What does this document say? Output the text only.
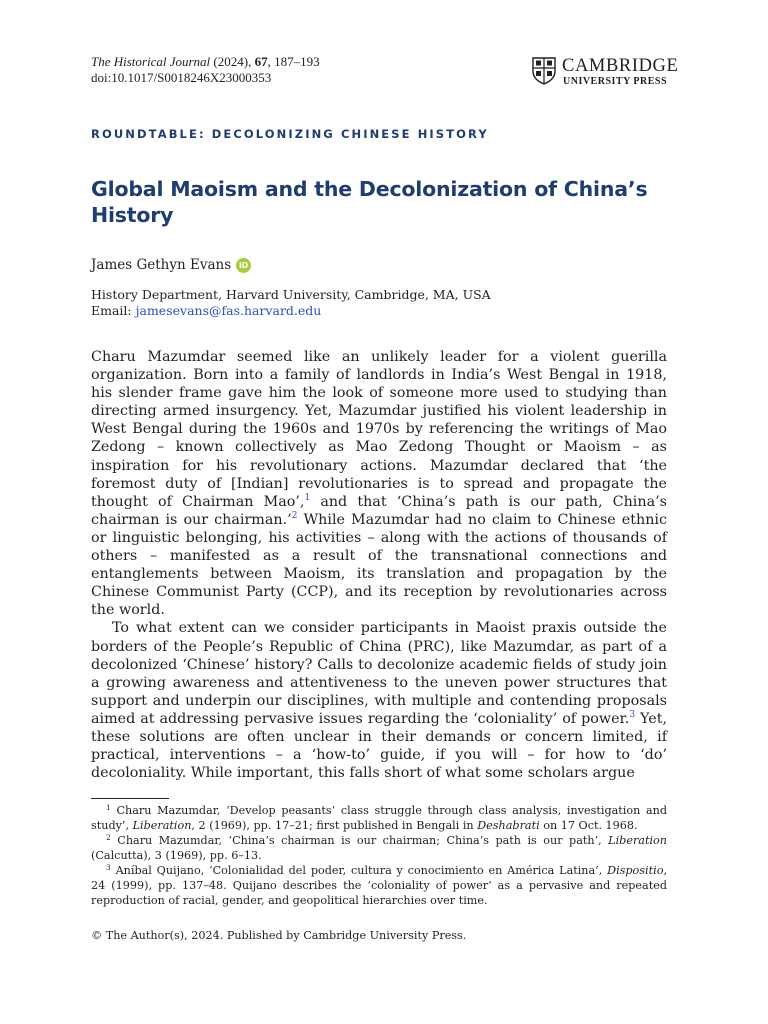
The Historical Journal (2024), 67, 187–193
doi:10.1017/S0018246X23000353
CAMBRIDGE
UNIVERSITY PRESS
ROUNDTABLE: DECOLONIZING CHINESE HISTORY
Global Maoism and the Decolonization of China’s History
James Gethyn Evans iD
History Department, Harvard University, Cambridge, MA, USA
Email: jamesevans@fas.harvard.edu

Charu Mazumdar seemed like an unlikely leader for a violent guerilla organization. Born into a family of landlords in India’s West Bengal in 1918, his slender frame gave him the look of someone more used to studying than directing armed insurgency. Yet, Mazumdar justified his violent leadership in West Bengal during the 1960s and 1970s by referencing the writings of Mao Zedong – known collectively as Mao Zedong Thought or Maoism – as inspiration for his revolutionary actions. Mazumdar declared that ‘the foremost duty of [Indian] revolutionaries is to spread and propagate the thought of Chairman Mao’,$^1$ and that ‘China’s path is our path, China’s chairman is our chairman.’$^2$ While Mazumdar had no claim to Chinese ethnic or linguistic belonging, his activities – along with the actions of thousands of others – manifested as a result of the transnational connections and entanglements between Maoism, its translation and propagation by the Chinese Communist Party (CCP), and its reception by revolutionaries across the world.

To what extent can we consider participants in Maoist praxis outside the borders of the People’s Republic of China (PRC), like Mazumdar, as part of a decolonized ‘Chinese’ history? Calls to decolonize academic fields of study join a growing awareness and attentiveness to the uneven power structures that support and underpin our disciplines, with multiple and contending proposals aimed at addressing pervasive issues regarding the ‘coloniality’ of power.$^3$ Yet, these solutions are often unclear in their demands or concern limited, if practical, interventions – a ‘how-to’ guide, if you will – for how to ‘do’ decoloniality. While important, this falls short of what some scholars argue

$^1$ Charu Mazumdar, ‘Develop peasants’ class struggle through class analysis, investigation and study’, Liberation, 2 (1969), pp. 17–21; first published in Bengali in Deshabrati on 17 Oct. 1968.

$^2$ Charu Mazumdar, ‘China’s chairman is our chairman; China’s path is our path’, Liberation (Calcutta), 3 (1969), pp. 6–13.

$^3$ Aníbal Quijano, ‘Colonialidad del poder, cultura y conocimiento en América Latina’, Dispositio, 24 (1999), pp. 137–48. Quijano describes the ‘coloniality of power’ as a pervasive and repeated reproduction of racial, gender, and geopolitical hierarchies over time.

© The Author(s), 2024. Published by Cambridge University Press.
